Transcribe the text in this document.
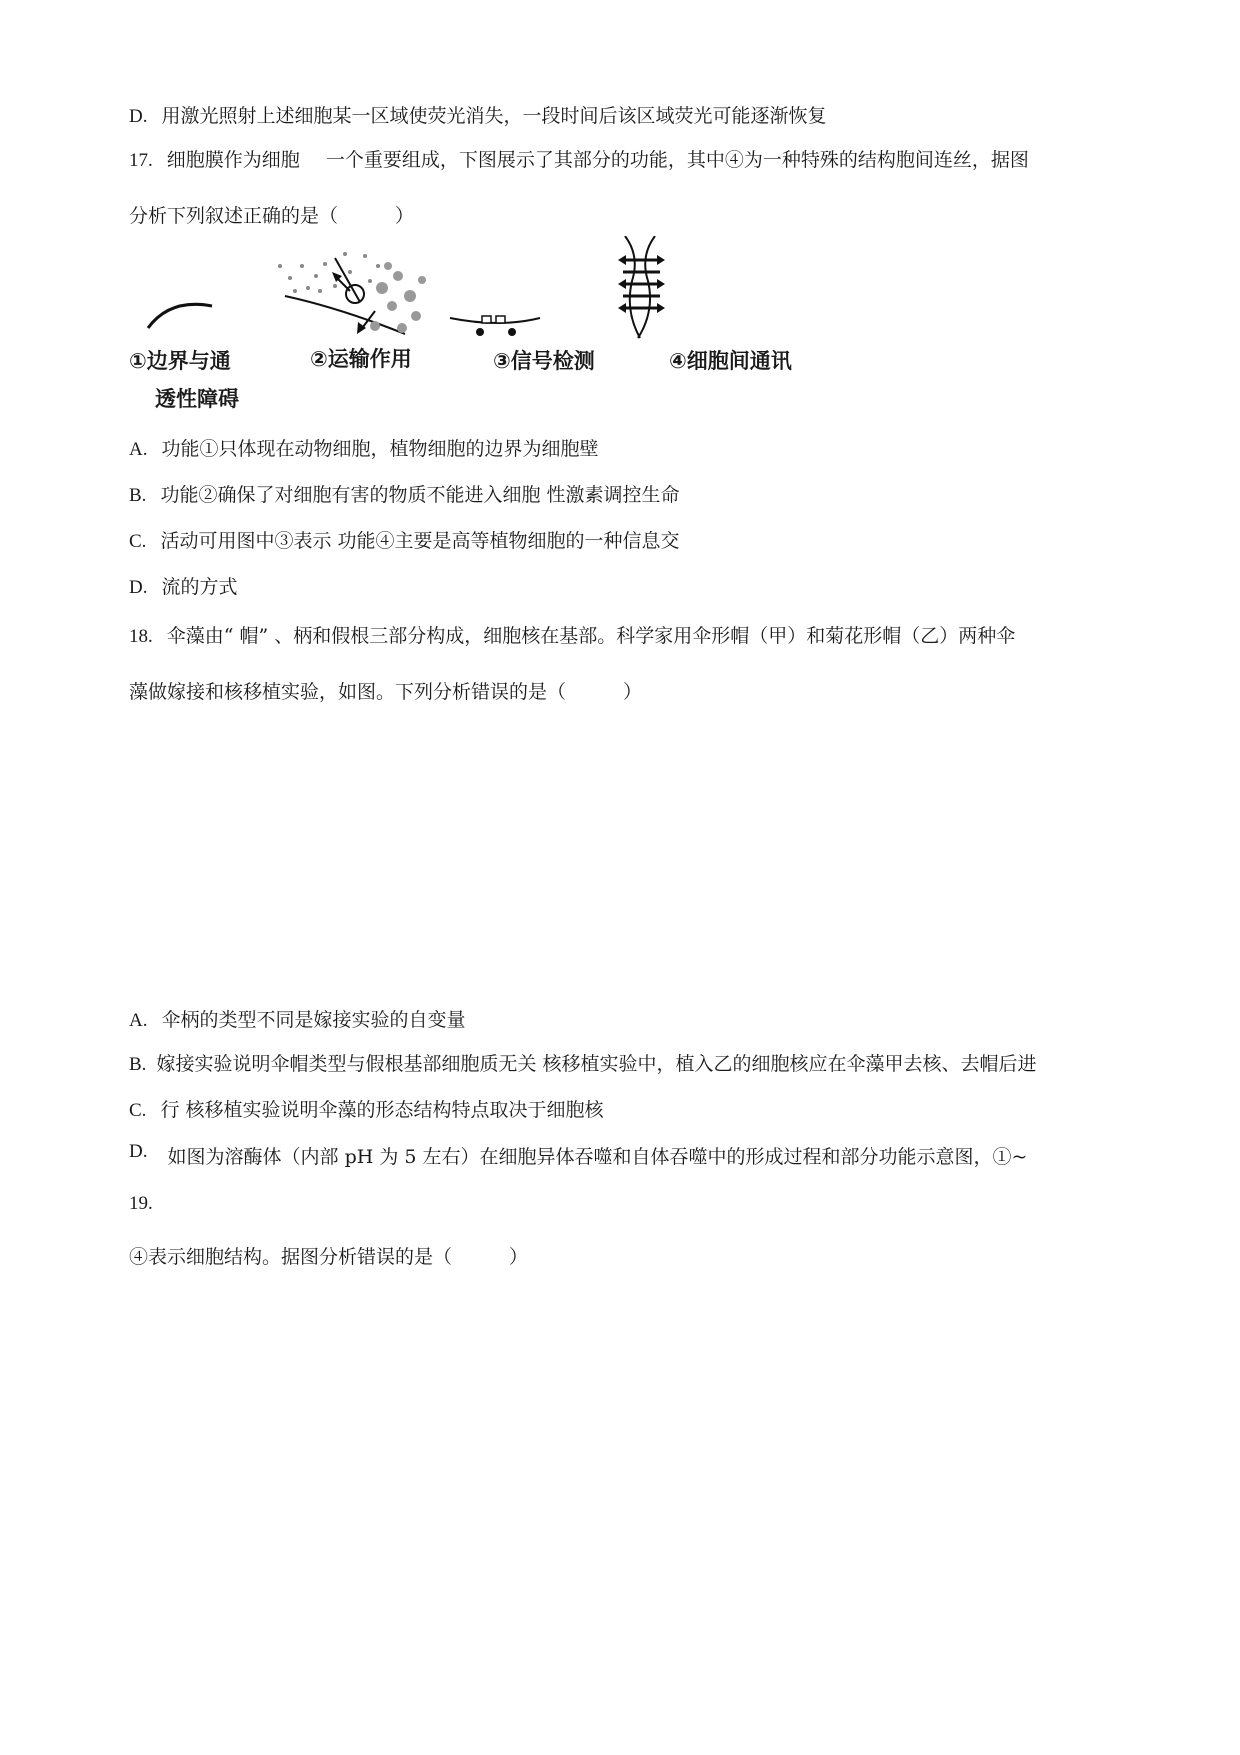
D. 用激光照射上述细胞某一区域使荧光消失，一段时间后该区域荧光可能逐渐恢复
17. 细胞膜作为细胞 一个重要组成，下图展示了其部分的功能，其中④为一种特殊的结构胞间连丝，据图
分析下列叙述正确的是（　　　）
①边界与通
透性障碍
②运输作用	③信号检测	④细胞间通讯
A. 功能①只体现在动物细胞，植物细胞的边界为细胞壁
B. 功能②确保了对细胞有害的物质不能进入细胞 性激素调控生命
C. 活动可用图中③表示 功能④主要是高等植物细胞的一种信息交
D. 流的方式
18. 伞藻由“ 帽” 、柄和假根三部分构成，细胞核在基部。科学家用伞形帽（甲）和菊花形帽（乙）两种伞
藻做嫁接和核移植实验，如图。下列分析错误的是（　　　）
A. 伞柄的类型不同是嫁接实验的自变量
B. 嫁接实验说明伞帽类型与假根基部细胞质无关 核移植实验中，植入乙的细胞核应在伞藻甲去核、去帽后进
C. 行 核移植实验说明伞藻的形态结构特点取决于细胞核
D. 如图为溶酶体（内部 pH 为 5 左右）在细胞异体吞噬和自体吞噬中的形成过程和部分功能示意图，①~
19.
④表示细胞结构。据图分析错误的是（　　　）
